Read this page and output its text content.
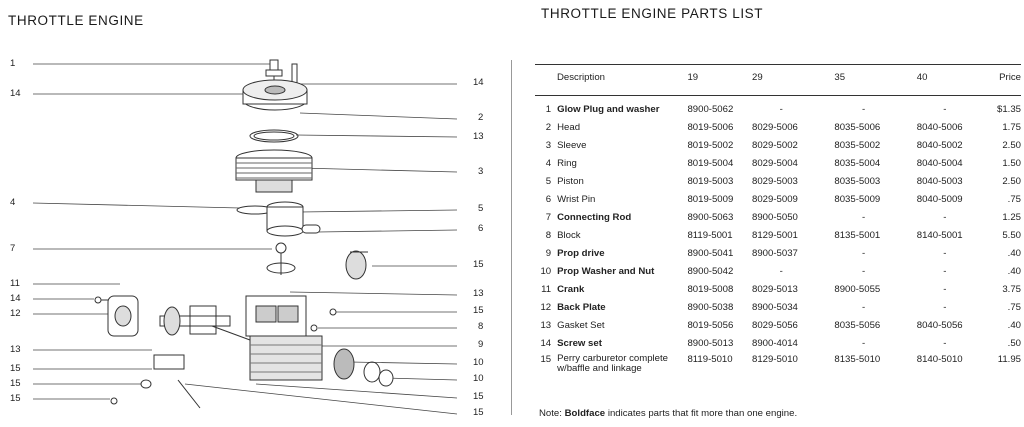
THROTTLE ENGINE	THROTTLE ENGINE PARTS LIST
1
14
4
7
11
14
12
13
15
15
15
14
2
13
3
5
6
15
13
15
8
9
10
10
15
15
Description		19	29	35	40	Price
1	Glow Plug and washer	8900-5062	-	-	-	$1.35
2	Head	8019-5006	8029-5006	8035-5006	8040-5006	1.75
3	Sleeve	8019-5002	8029-5002	8035-5002	8040-5002	2.50
4	Ring	8019-5004	8029-5004	8035-5004	8040-5004	1.50
5	Piston	8019-5003	8029-5003	8035-5003	8040-5003	2.50
6	Wrist Pin	8019-5009	8029-5009	8035-5009	8040-5009	.75
7	Connecting Rod	8900-5063	8900-5050	-	-	1.25
8	Block	8119-5001	8129-5001	8135-5001	8140-5001	5.50
9	Prop drive	8900-5041	8900-5037	-	-	.40
10	Prop Washer and Nut	8900-5042	-	-	-	.40
11	Crank	8019-5008	8029-5013	8900-5055	-	3.75
12	Back Plate	8900-5038	8900-5034	-	-	.75
13	Gasket Set	8019-5056	8029-5056	8035-5056	8040-5056	.40
14	Screw set	8900-5013	8900-4014	-	-	.50
15	Perry carburetor complete w/baffle and linkage	8119-5010	8129-5010	8135-5010	8140-5010	11.95
Note: Boldface indicates parts that fit more than one engine.
